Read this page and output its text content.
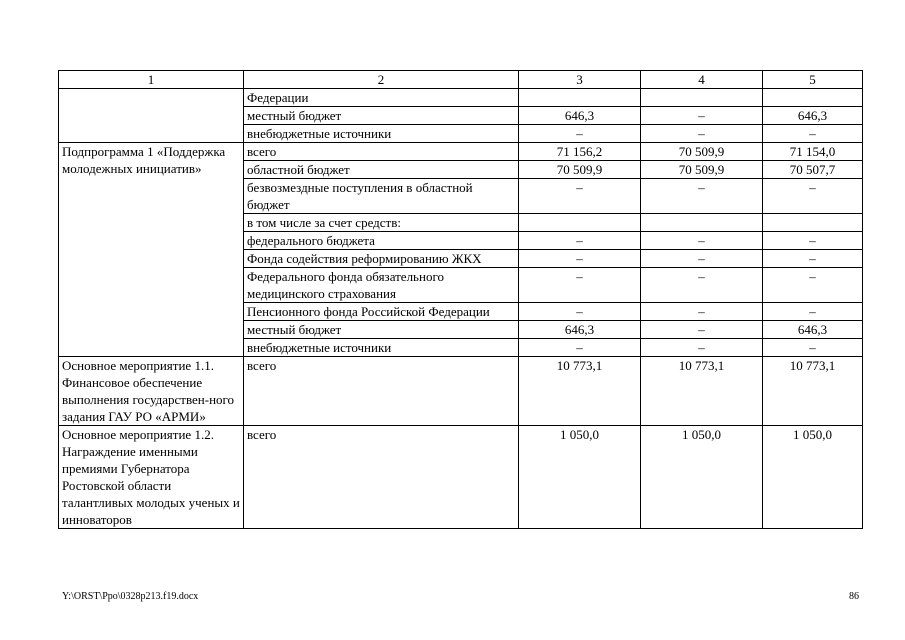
1	2	3	4	5
	Федерации			
	местный бюджет	646,3	–	646,3
	внебюджетные источники	–	–	–
Подпрограмма 1 «Поддержка молодежных инициатив»	всего	71 156,2	70 509,9	71 154,0
	областной бюджет	70 509,9	70 509,9	70 507,7
	безвозмездные поступления в областной бюджет	–	–	–
	в том числе за счет средств:			
	федерального бюджета	–	–	–
	Фонда содействия реформированию ЖКХ	–	–	–
	Федерального фонда обязательного медицинского страхования	–	–	–
	Пенсионного фонда Российской Федерации	–	–	–
	местный бюджет	646,3	–	646,3
	внебюджетные источники	–	–	–
Основное мероприятие 1.1. Финансовое обеспечение выполнения государствен-ного задания ГАУ РО «АРМИ»	всего	10 773,1	10 773,1	10 773,1
Основное мероприятие 1.2. Награждение именными премиями Губернатора Ростовской области талантливых молодых ученых и инноваторов	всего	1 050,0	1 050,0	1 050,0
Y:\ORST\Ppo\0328p213.f19.docx	86
